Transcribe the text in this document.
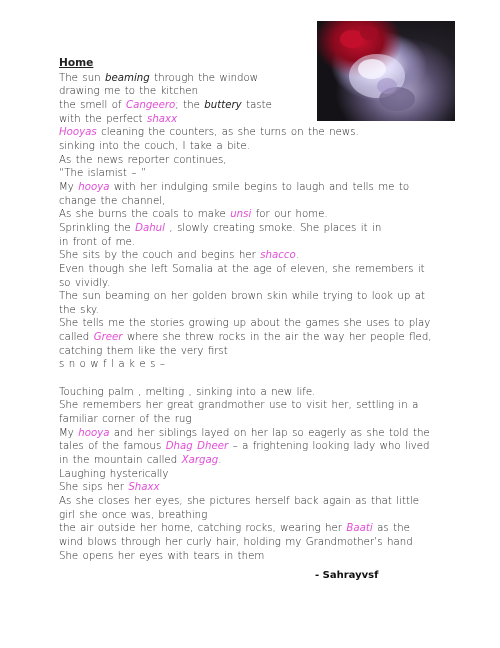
Home
The sun beaming through the window
drawing me to the kitchen
the smell of Cangeero; the buttery taste
with the perfect shaxx
Hooyas cleaning the counters, as she turns on the news.
sinking into the couch, I take a bite.
As the news reporter continues,
“The islamist – ”
My hooya with her indulging smile begins to laugh and tells me to change the channel,
As she burns the coals to make unsi for our home.
Sprinkling the Dahul , slowly creating smoke. She places it in
in front of me.
She sits by the couch and begins her shacco.
Even though she left Somalia at the age of eleven, she remembers it so vividly.
The sun beaming on her golden brown skin while trying to look up at the sky.
She tells me the stories growing up about the games she uses to play
called Greer where she threw rocks in the air the way her people fled,
catching them like the very first
s n o w f l a k e s –
Touching palm , melting , sinking into a new life.
She remembers her great grandmother use to visit her, settling in a familiar corner of the rug
My hooya and her siblings layed on her lap so eagerly as she told the tales of the famous Dhag Dheer – a frightening looking lady who lived in the mountain called Xargag.
Laughing hysterically
She sips her Shaxx
As she closes her eyes, she pictures herself back again as that little girl she once was, breathing
the air outside her home, catching rocks, wearing her Baati as the wind blows through her curly hair, holding my Grandmother’s hand
She opens her eyes with tears in them
- Sahrayvsf
